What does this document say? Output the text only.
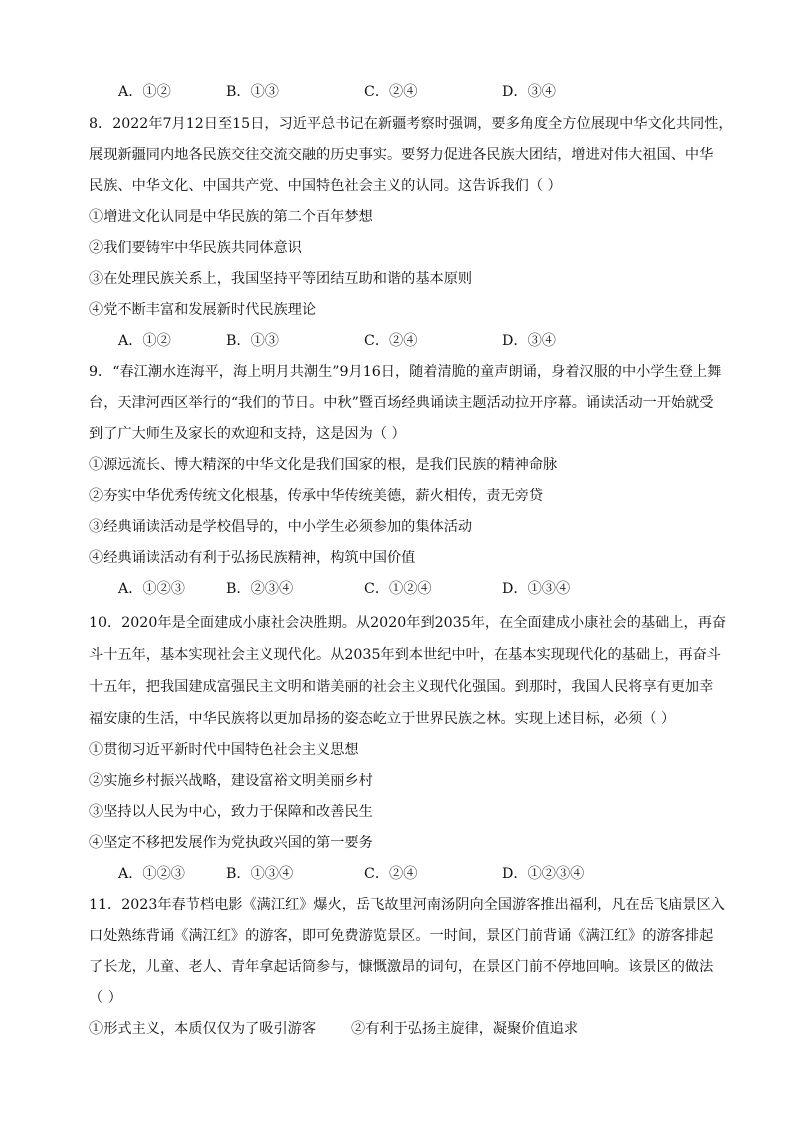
A．①②	B．①③	C．②④	D．③④
8．2022年7月12日至15日，习近平总书记在新疆考察时强调，要多角度全方位展现中华文化共同性，
展现新疆同内地各民族交往交流交融的历史事实。要努力促进各民族大团结，增进对伟大祖国、中华
民族、中华文化、中国共产党、中国特色社会主义的认同。这告诉我们（ ）
①增进文化认同是中华民族的第二个百年梦想
②我们要铸牢中华民族共同体意识
③在处理民族关系上，我国坚持平等团结互助和谐的基本原则
④党不断丰富和发展新时代民族理论
A．①②	B．①③	C．②④	D．③④
9．“春江潮水连海平，海上明月共潮生”9月16日，随着清脆的童声朗诵，身着汉服的中小学生登上舞
台，天津河西区举行的“我们的节日。中秋”暨百场经典诵读主题活动拉开序幕。诵读活动一开始就受
到了广大师生及家长的欢迎和支持，这是因为（ ）
①源远流长、博大精深的中华文化是我们国家的根，是我们民族的精神命脉
②夯实中华优秀传统文化根基，传承中华传统美德，薪火相传，责无旁贷
③经典诵读活动是学校倡导的，中小学生必须参加的集体活动
④经典诵读活动有利于弘扬民族精神，构筑中国价值
A．①②③	B．②③④	C．①②④	D．①③④
10．2020年是全面建成小康社会决胜期。从2020年到2035年，在全面建成小康社会的基础上，再奋
斗十五年，基本实现社会主义现代化。从2035年到本世纪中叶，在基本实现现代化的基础上，再奋斗
十五年，把我国建成富强民主文明和谐美丽的社会主义现代化强国。到那时，我国人民将享有更加幸
福安康的生活，中华民族将以更加昂扬的姿态屹立于世界民族之林。实现上述目标，必须（ ）
①贯彻习近平新时代中国特色社会主义思想
②实施乡村振兴战略，建设富裕文明美丽乡村
③坚持以人民为中心，致力于保障和改善民生
④坚定不移把发展作为党执政兴国的第一要务
A．①②③	B．①③④	C．②④	D．①②③④
11．2023年春节档电影《满江红》爆火，岳飞故里河南汤阴向全国游客推出福利，凡在岳飞庙景区入
口处熟练背诵《满江红》的游客，即可免费游览景区。一时间，景区门前背诵《满江红》的游客排起
了长龙，儿童、老人、青年拿起话筒参与，慷慨激昂的词句，在景区门前不停地回响。该景区的做法
（ ）
①形式主义，本质仅仅为了吸引游客 ②有利于弘扬主旋律，凝聚价值追求
